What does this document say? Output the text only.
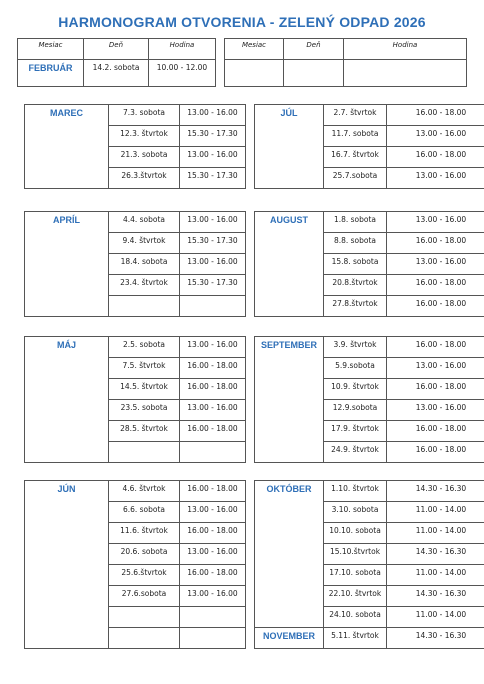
HARMONOGRAM OTVORENIA - ZELENÝ ODPAD 2026
Mesiac	Deň	Hodina		Mesiac	Deň	Hodina
FEBRUÁR	14.2. sobota	10.00 - 12.00				
MAREC	7.3. sobota	13.00 - 16.00		JÚL	2.7. štvrtok	16.00 - 18.00
	12.3. štvrtok	15.30 - 17.30			11.7. sobota	13.00 - 16.00
	21.3. sobota	13.00 - 16.00			16.7. štvrtok	16.00 - 18.00
	26.3.štvrtok	15.30 - 17.30			25.7.sobota	13.00 - 16.00
APRÍL	4.4. sobota	13.00 - 16.00		AUGUST	1.8. sobota	13.00 - 16.00
	9.4. štvrtok	15.30 - 17.30			8.8. sobota	16.00 - 18.00
	18.4. sobota	13.00 - 16.00			15.8. sobota	13.00 - 16.00
	23.4. štvrtok	15.30 - 17.30			20.8.štvrtok	16.00 - 18.00
					27.8.štvrtok	16.00 - 18.00
MÁJ	2.5. sobota	13.00 - 16.00		SEPTEMBER	3.9. štvrtok	16.00 - 18.00
	7.5. štvrtok	16.00 - 18.00			5.9.sobota	13.00 - 16.00
	14.5. štvrtok	16.00 - 18.00			10.9. štvrtok	16.00 - 18.00
	23.5. sobota	13.00 - 16.00			12.9.sobota	13.00 - 16.00
	28.5. štvrtok	16.00 - 18.00			17.9. štvrtok	16.00 - 18.00
					24.9. štvrtok	16.00 - 18.00
JÚN	4.6. štvrtok	16.00 - 18.00		OKTÓBER	1.10. štvrtok	14.30 - 16.30
	6.6. sobota	13.00 - 16.00			3.10. sobota	11.00 - 14.00
	11.6. štvrtok	16.00 - 18.00			10.10. sobota	11.00 - 14.00
	20.6. sobota	13.00 - 16.00			15.10.štvrtok	14.30 - 16.30
	25.6.štvrtok	16.00 - 18.00			17.10. sobota	11.00 - 14.00
	27.6.sobota	13.00 - 16.00			22.10. štvrtok	14.30 - 16.30
					24.10. sobota	11.00 - 14.00
				NOVEMBER	5.11. štvrtok	14.30 - 16.30
